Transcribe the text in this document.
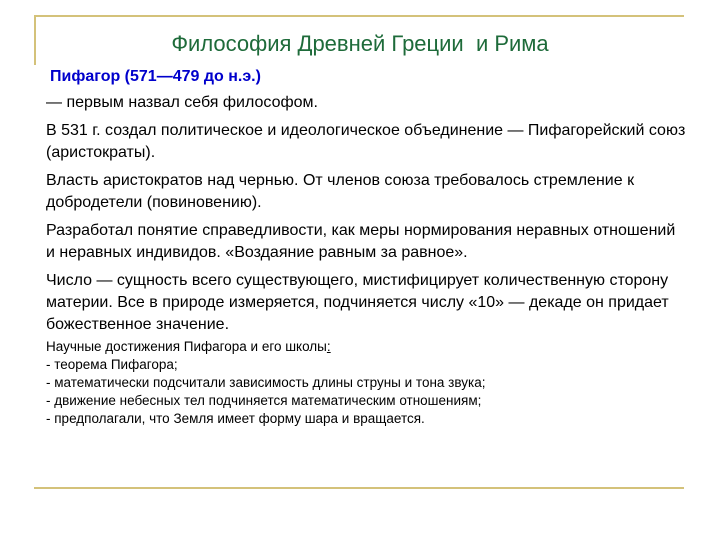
Философия Древней Греции  и Рима
Пифагор (571—479 до н.э.)

— первым назвал себя философом.

В 531 г. создал политическое и идеологическое объединение — Пифагорейский союз (аристократы).

Власть аристократов над чернью. От членов союза требовалось стремление к добродетели (повиновению).

Разработал понятие справедливости, как меры нормирования неравных отношений и неравных индивидов. «Воздаяние равным за равное».

Число — сущность всего существующего, мистифицирует количественную сторону материи. Все в природе измеряется, подчиняется числу «10» — декаде он придает божественное значение.

Научные достижения Пифагора и его школы:

- теорема Пифагора;

- математически подсчитали зависимость длины струны и тона звука;

- движение небесных тел подчиняется математическим отношениям;

- предполагали, что Земля имеет форму шара и вращается.
